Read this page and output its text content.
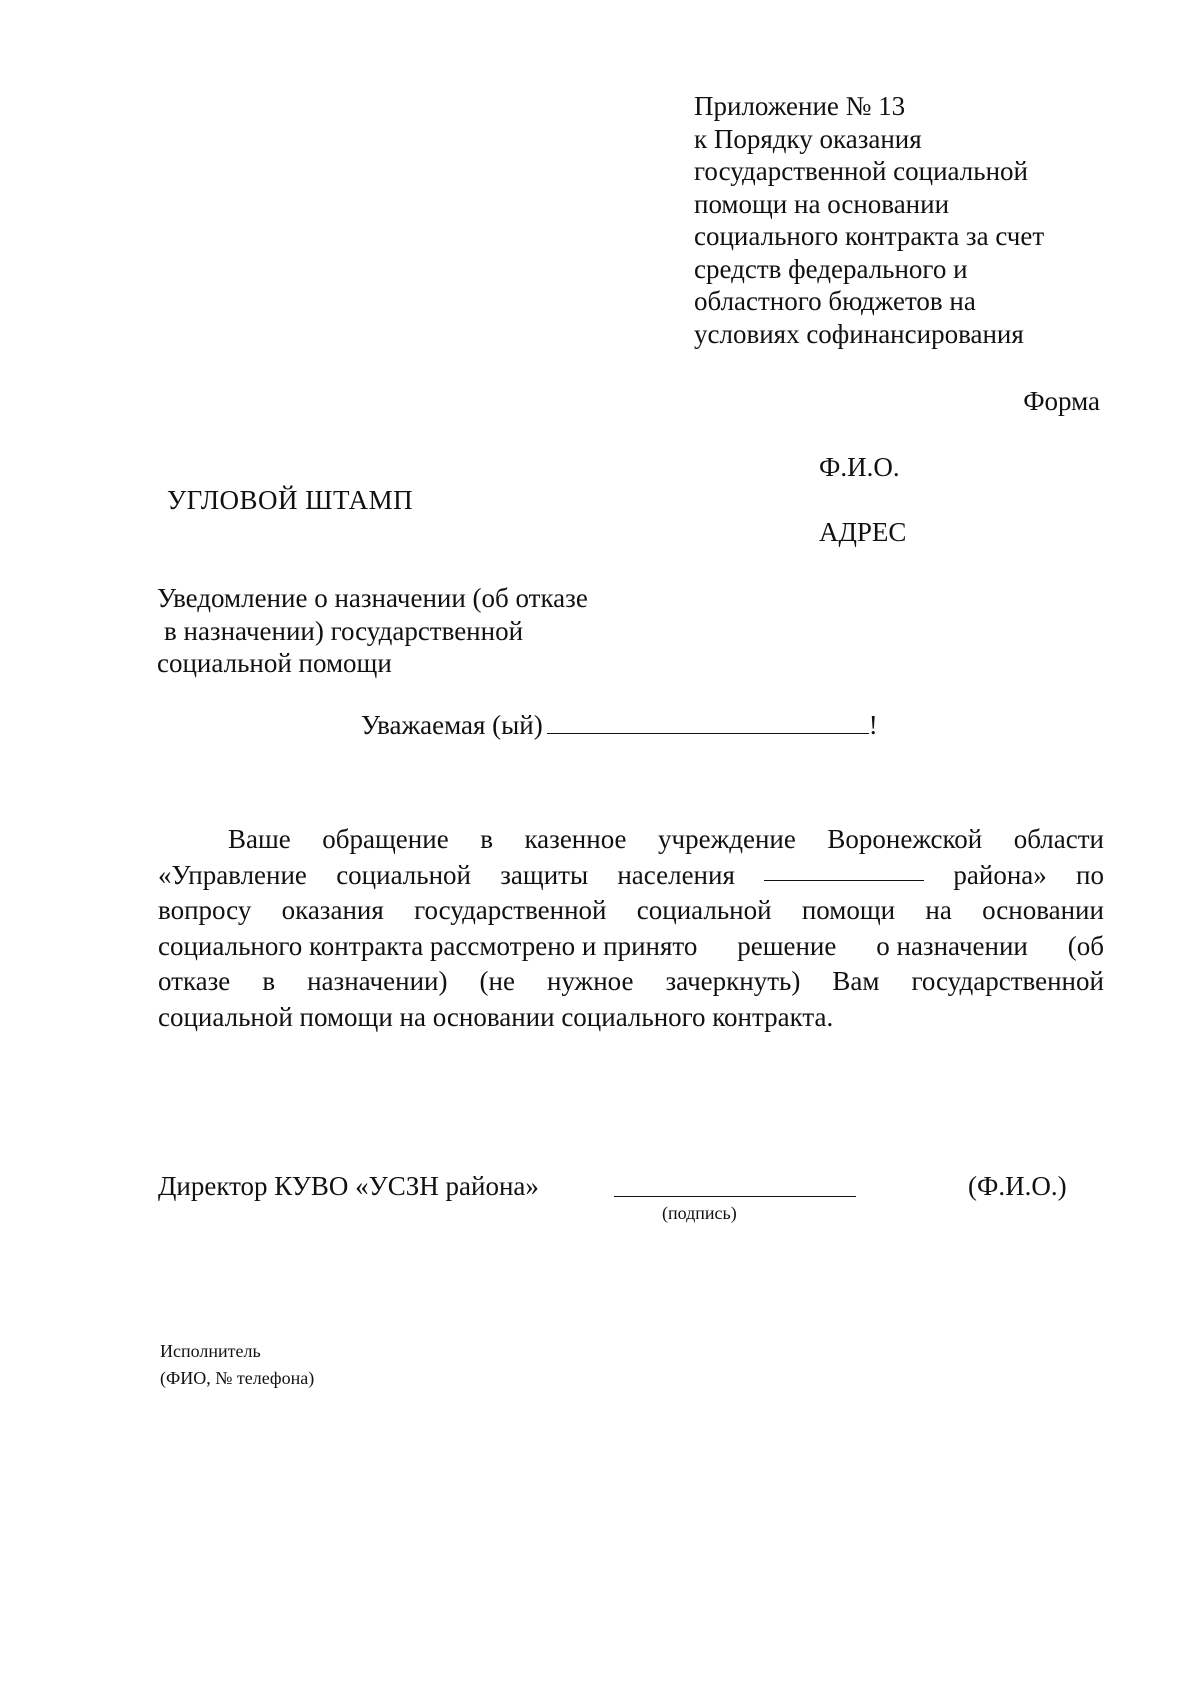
Приложение № 13
к Порядку оказания
государственной социальной
помощи на основании
социального контракта за счет
средств федерального и
областного бюджетов на
условиях софинансирования
Форма
Ф.И.О.
УГЛОВОЙ ШТАМП
АДРЕС
Уведомление о назначении (об отказе
в назначении) государственной
социальной помощи
Уважаемая (ый)	!
Ваше обращение в казенное учреждение Воронежской области
«Управление социальной защиты населения	района» по
вопросу оказания государственной социальной помощи на основании
социального контракта рассмотрено и принято решение о назначении (об
отказе в назначении) (не нужное зачеркнуть) Вам государственной
социальной помощи на основании социального контракта.
Директор КУВО «УСЗН района»
(подпись)
(Ф.И.О.)
Исполнитель
(ФИО, № телефона)
